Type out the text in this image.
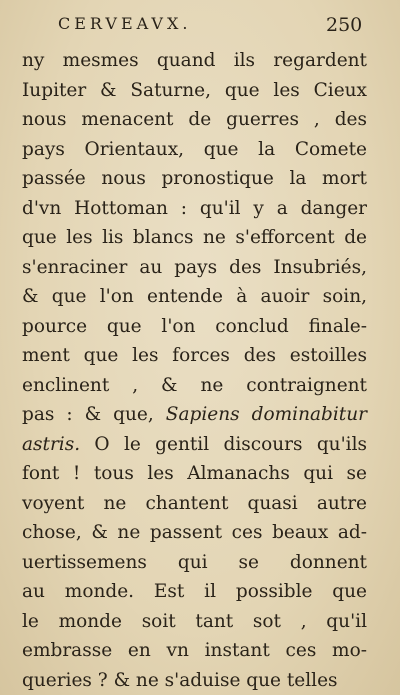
CERVEAVX.	250
ny mesmes quand ils regardent
Iupiter & Saturne, que les Cieux
nous menacent de guerres , des
pays Orientaux, que la Comete
passée nous pronostique la mort
d'vn Hottoman : qu'il y a danger
que les lis blancs ne s'efforcent de
s'enraciner au pays des Insubriés,
& que l'on entende à auoir soin,
pource que l'on conclud finale-
ment que les forces des estoilles
enclinent , & ne contraignent
pas : & que, Sapiens dominabitur
astris. O le gentil discours qu'ils
font ! tous les Almanachs qui se
voyent ne chantent quasi autre
chose, & ne passent ces beaux ad-
uertissemens qui se donnent
au monde. Est il possible que
le monde soit tant sot , qu'il
embrasse en vn instant ces mo-
queries ? & ne s'aduise que telles
